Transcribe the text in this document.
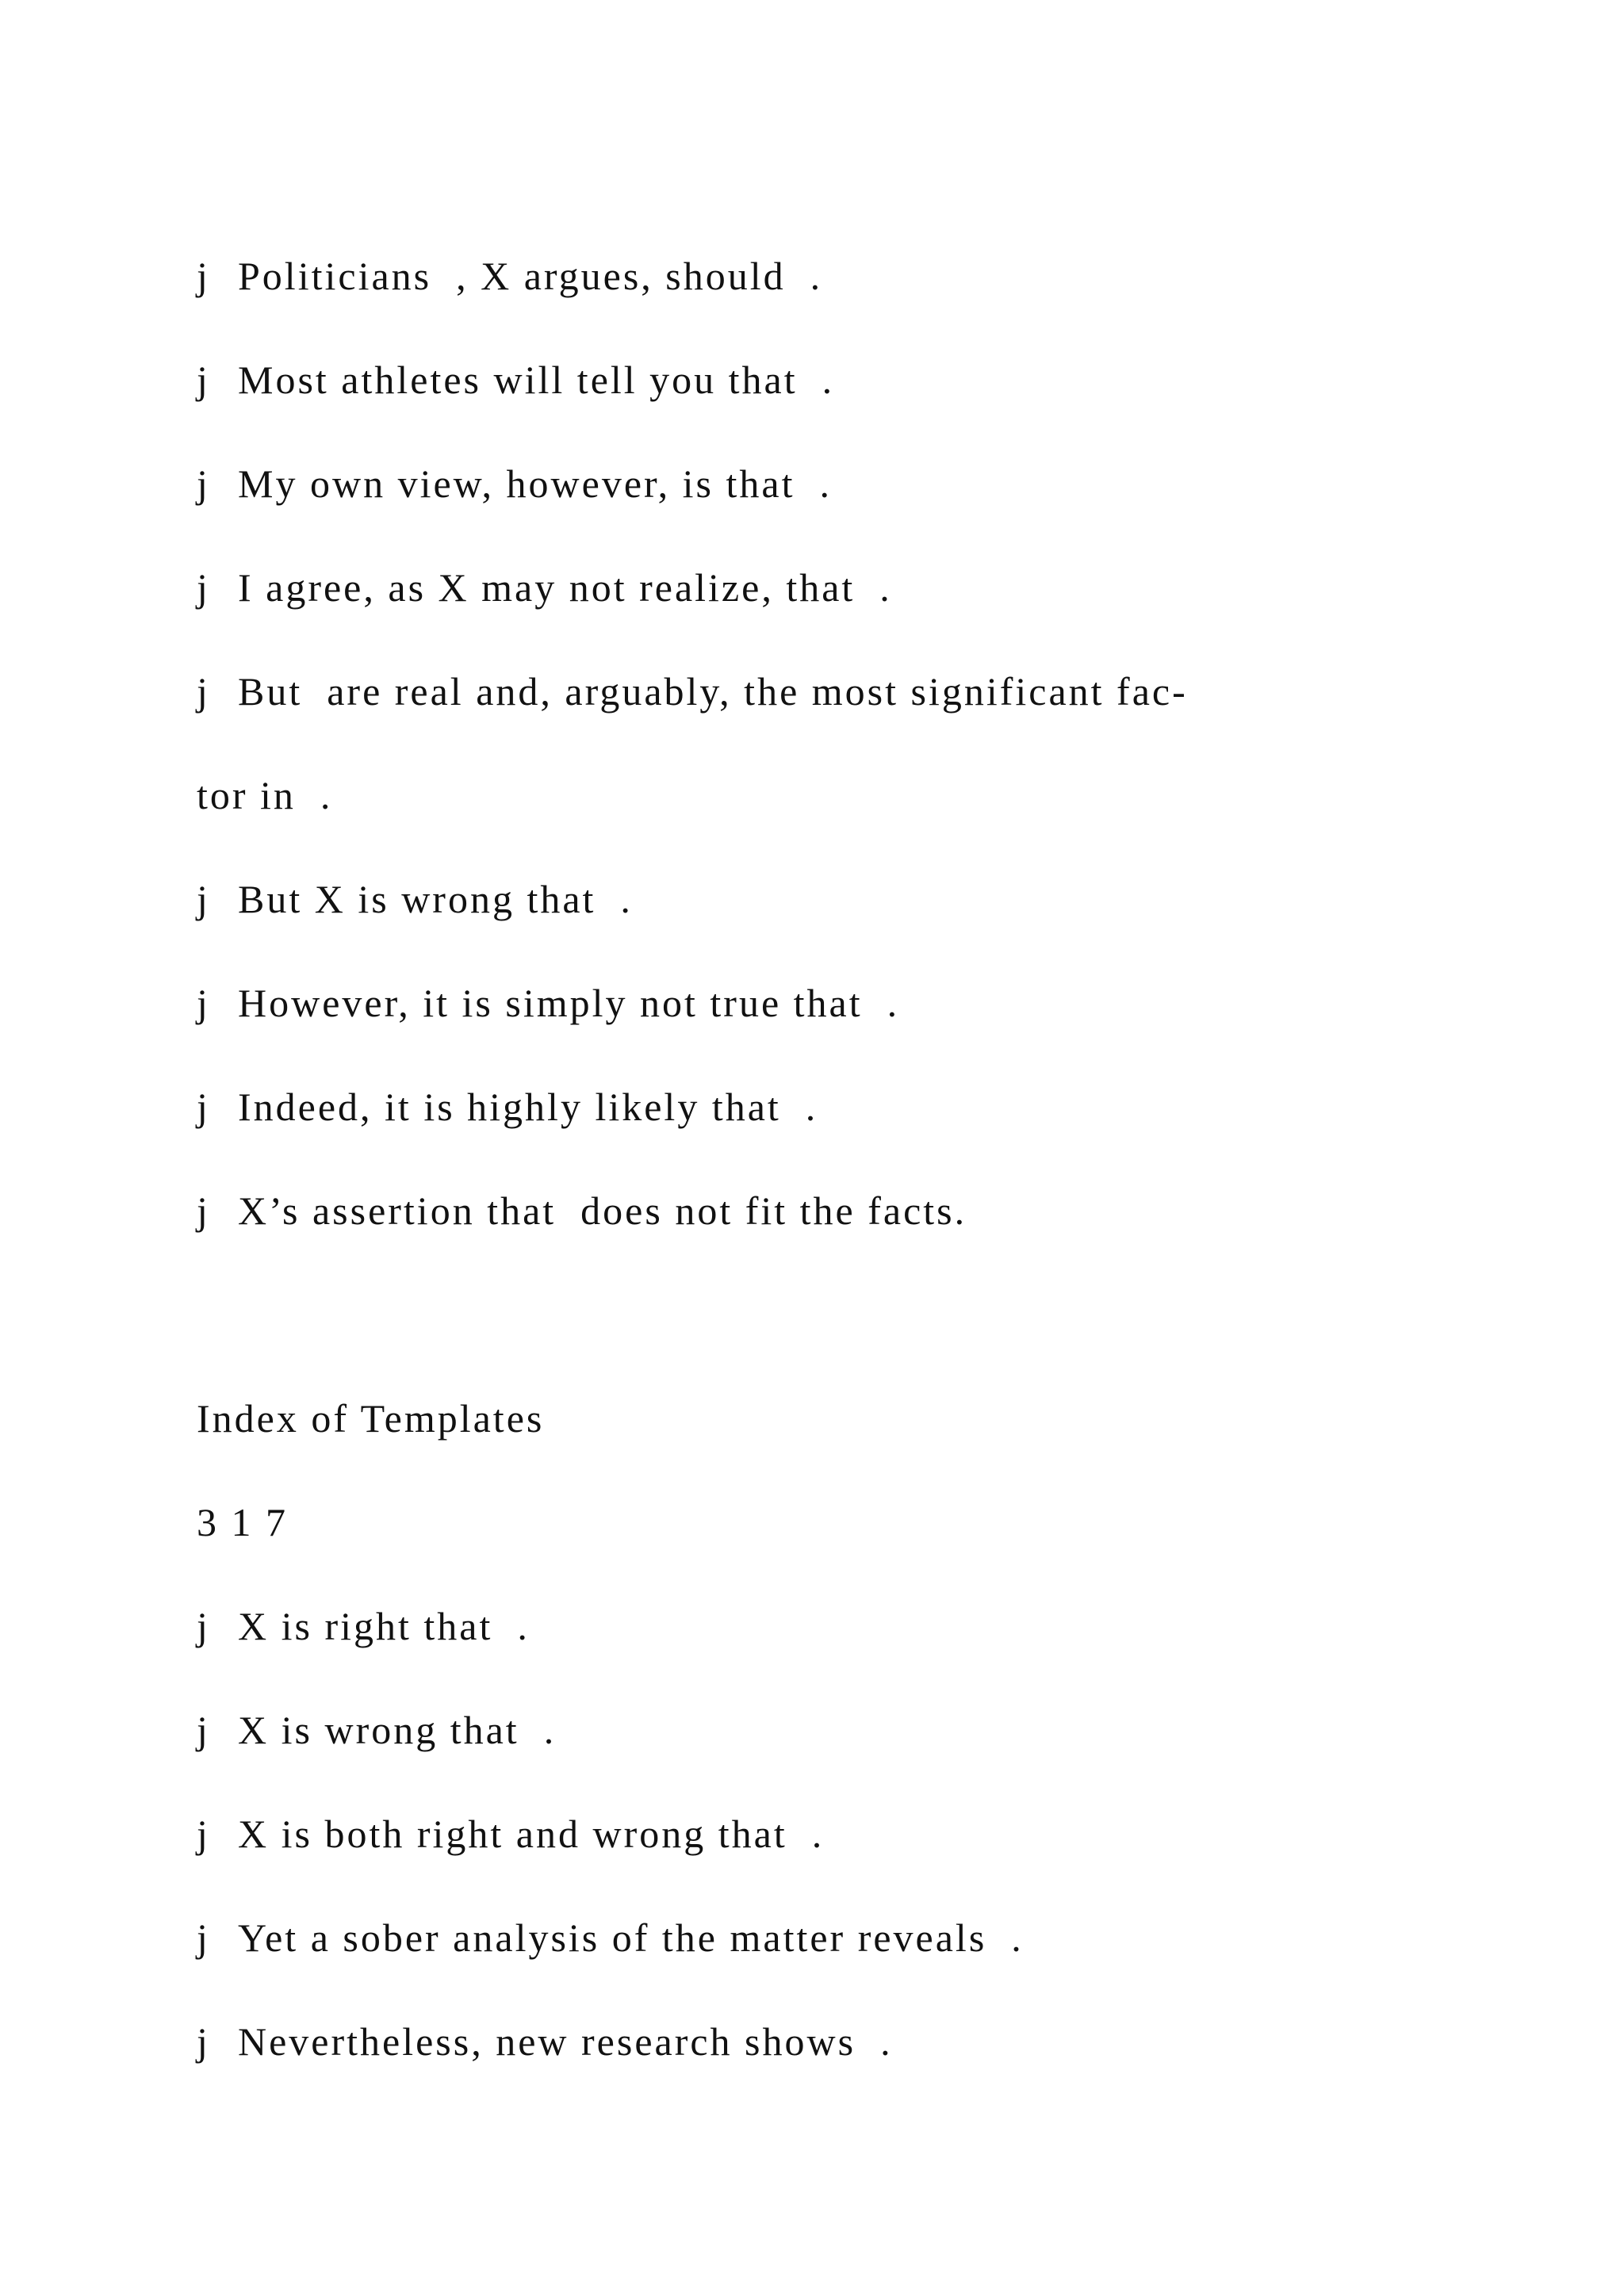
j Politicians  , X argues, should  .
j Most athletes will tell you that  .
j My own view, however, is that  .
j I agree, as X may not realize, that  .
j But  are real and, arguably, the most significant fac-
tor in  .
j But X is wrong that  .
j However, it is simply not true that  .
j Indeed, it is highly likely that  .
j X’s assertion that  does not fit the facts.
Index of Templates
3 1 7
j X is right that  .
j X is wrong that  .
j X is both right and wrong that  .
j Yet a sober analysis of the matter reveals  .
j Nevertheless, new research shows  .
